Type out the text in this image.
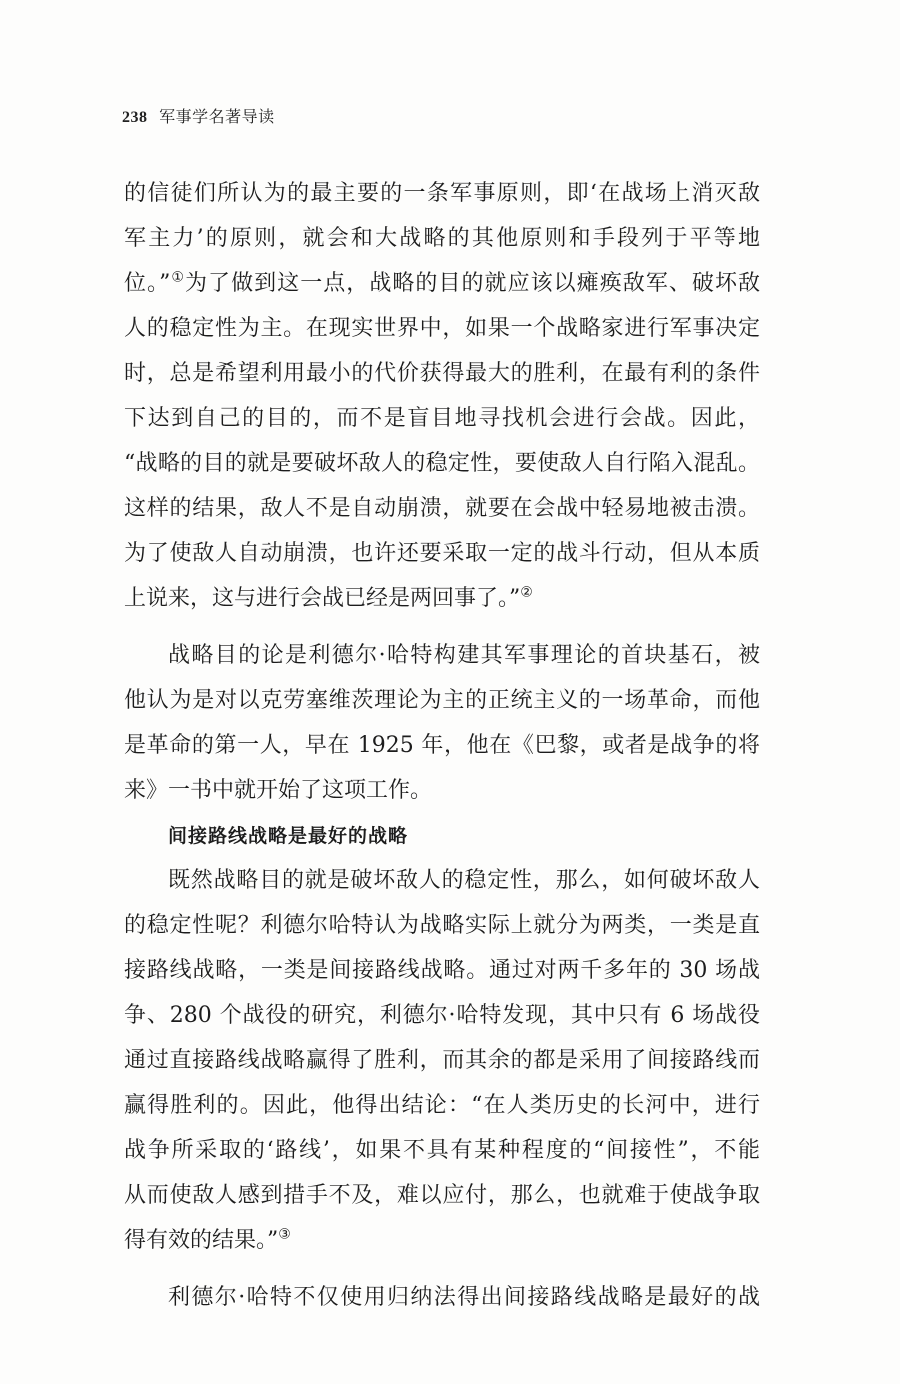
238 军事学名著导读
的信徒们所认为的最主要的一条军事原则，即‘在战场上消灭敌
军主力’的原则，就会和大战略的其他原则和手段列于平等地
位。”①为了做到这一点，战略的目的就应该以瘫痪敌军、破坏敌
人的稳定性为主。在现实世界中，如果一个战略家进行军事决定
时，总是希望利用最小的代价获得最大的胜利，在最有利的条件
下达到自己的目的，而不是盲目地寻找机会进行会战。因此，
“战略的目的就是要破坏敌人的稳定性，要使敌人自行陷入混乱。
这样的结果，敌人不是自动崩溃，就要在会战中轻易地被击溃。
为了使敌人自动崩溃，也许还要采取一定的战斗行动，但从本质
上说来，这与进行会战已经是两回事了。”②
战略目的论是利德尔·哈特构建其军事理论的首块基石，被
他认为是对以克劳塞维茨理论为主的正统主义的一场革命，而他
是革命的第一人，早在 1925 年，他在《巴黎，或者是战争的将
来》一书中就开始了这项工作。
间接路线战略是最好的战略
既然战略目的就是破坏敌人的稳定性，那么，如何破坏敌人
的稳定性呢？利德尔哈特认为战略实际上就分为两类，一类是直
接路线战略，一类是间接路线战略。通过对两千多年的 30 场战
争、280 个战役的研究，利德尔·哈特发现，其中只有 6 场战役
通过直接路线战略赢得了胜利，而其余的都是采用了间接路线而
赢得胜利的。因此，他得出结论：“在人类历史的长河中，进行
战争所采取的‘路线’，如果不具有某种程度的“间接性”，不能
从而使敌人感到措手不及，难以应付，那么，也就难于使战争取
得有效的结果。”③
利德尔·哈特不仅使用归纳法得出间接路线战略是最好的战
